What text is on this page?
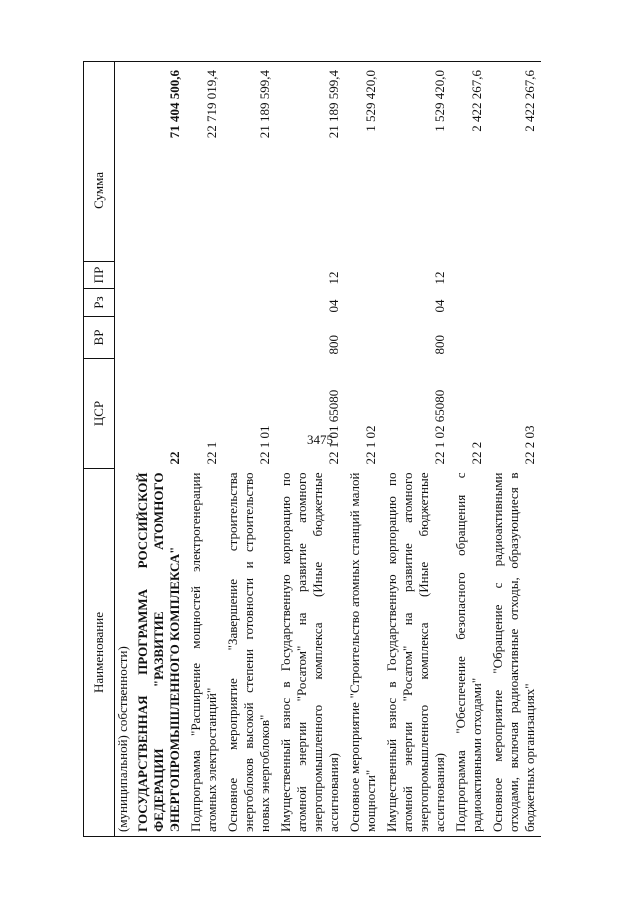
3475
Наименование	ЦСР	ВР	Рз	ПР	Сумма
(муниципальной) собственности)					
ГОСУДАРСТВЕННАЯ ПРОГРАММА РОССИЙСКОЙ ФЕДЕРАЦИИ "РАЗВИТИЕ АТОМНОГО ЭНЕРГОПРОМЫШЛЕННОГО КОМПЛЕКСА"	22				71 404 500,6
Подпрограмма "Расширение мощностей электрогенерации атомных электростанций"	22 1				22 719 019,4
Основное мероприятие "Завершение строительства энергоблоков высокой степени готовности и строительство новых энергоблоков"	22 1 01				21 189 599,4
Имущественный взнос в Государственную корпорацию по атомной энергии "Росатом" на развитие атомного энергопромышленного комплекса (Иные бюджетные ассигнования)	22 1 01 65080	800	04	12	21 189 599,4
Основное мероприятие "Строительство атомных станций малой мощности"	22 1 02				1 529 420,0
Имущественный взнос в Государственную корпорацию по атомной энергии "Росатом" на развитие атомного энергопромышленного комплекса (Иные бюджетные ассигнования)	22 1 02 65080	800	04	12	1 529 420,0
Подпрограмма "Обеспечение безопасного обращения с радиоактивными отходами"	22 2				2 422 267,6
Основное мероприятие "Обращение с радиоактивными отходами, включая радиоактивные отходы, образующиеся в бюджетных организациях"	22 2 03				2 422 267,6
